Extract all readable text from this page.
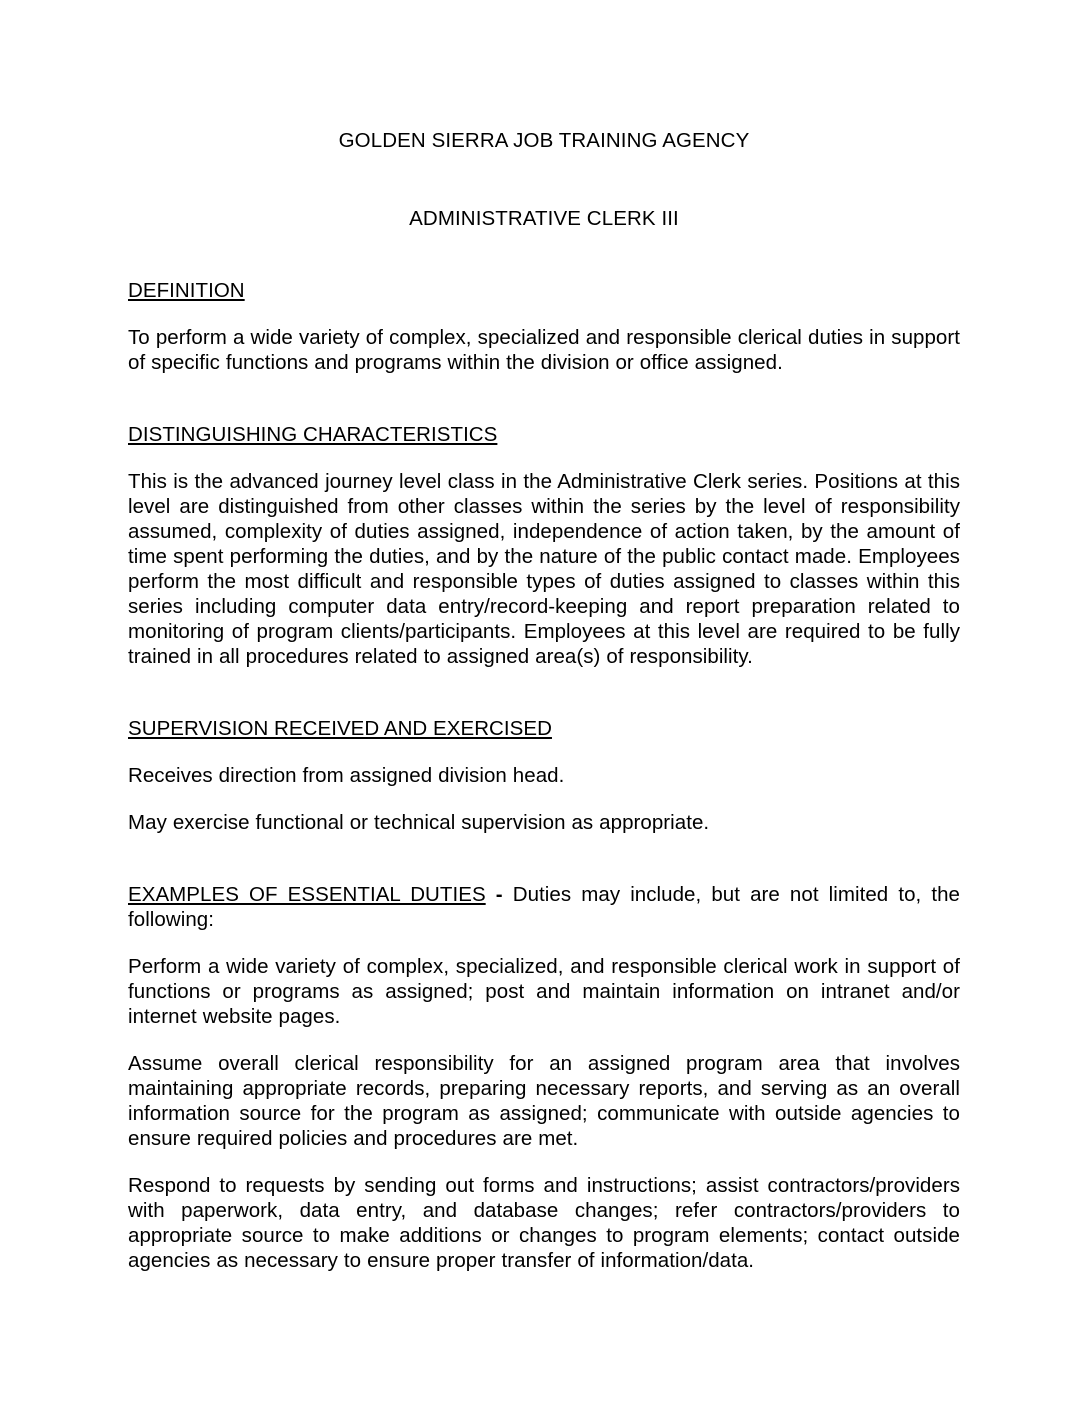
GOLDEN SIERRA JOB TRAINING AGENCY
ADMINISTRATIVE CLERK III
DEFINITION

To perform a wide variety of complex, specialized and responsible clerical duties in support of specific functions and programs within the division or office assigned.

DISTINGUISHING CHARACTERISTICS

This is the advanced journey level class in the Administrative Clerk series. Positions at this level are distinguished from other classes within the series by the level of responsibility assumed, complexity of duties assigned, independence of action taken, by the amount of time spent performing the duties, and by the nature of the public contact made. Employees perform the most difficult and responsible types of duties assigned to classes within this series including computer data entry/record-keeping and report preparation related to monitoring of program clients/participants. Employees at this level are required to be fully trained in all procedures related to assigned area(s) of responsibility.

SUPERVISION RECEIVED AND EXERCISED

Receives direction from assigned division head.

May exercise functional or technical supervision as appropriate.

EXAMPLES OF ESSENTIAL DUTIES - Duties may include, but are not limited to, the following:

Perform a wide variety of complex, specialized, and responsible clerical work in support of functions or programs as assigned; post and maintain information on intranet and/or internet website pages.

Assume overall clerical responsibility for an assigned program area that involves maintaining appropriate records, preparing necessary reports, and serving as an overall information source for the program as assigned; communicate with outside agencies to ensure required policies and procedures are met.

Respond to requests by sending out forms and instructions; assist contractors/providers with paperwork, data entry, and database changes; refer contractors/providers to appropriate source to make additions or changes to program elements; contact outside agencies as necessary to ensure proper transfer of information/data.
